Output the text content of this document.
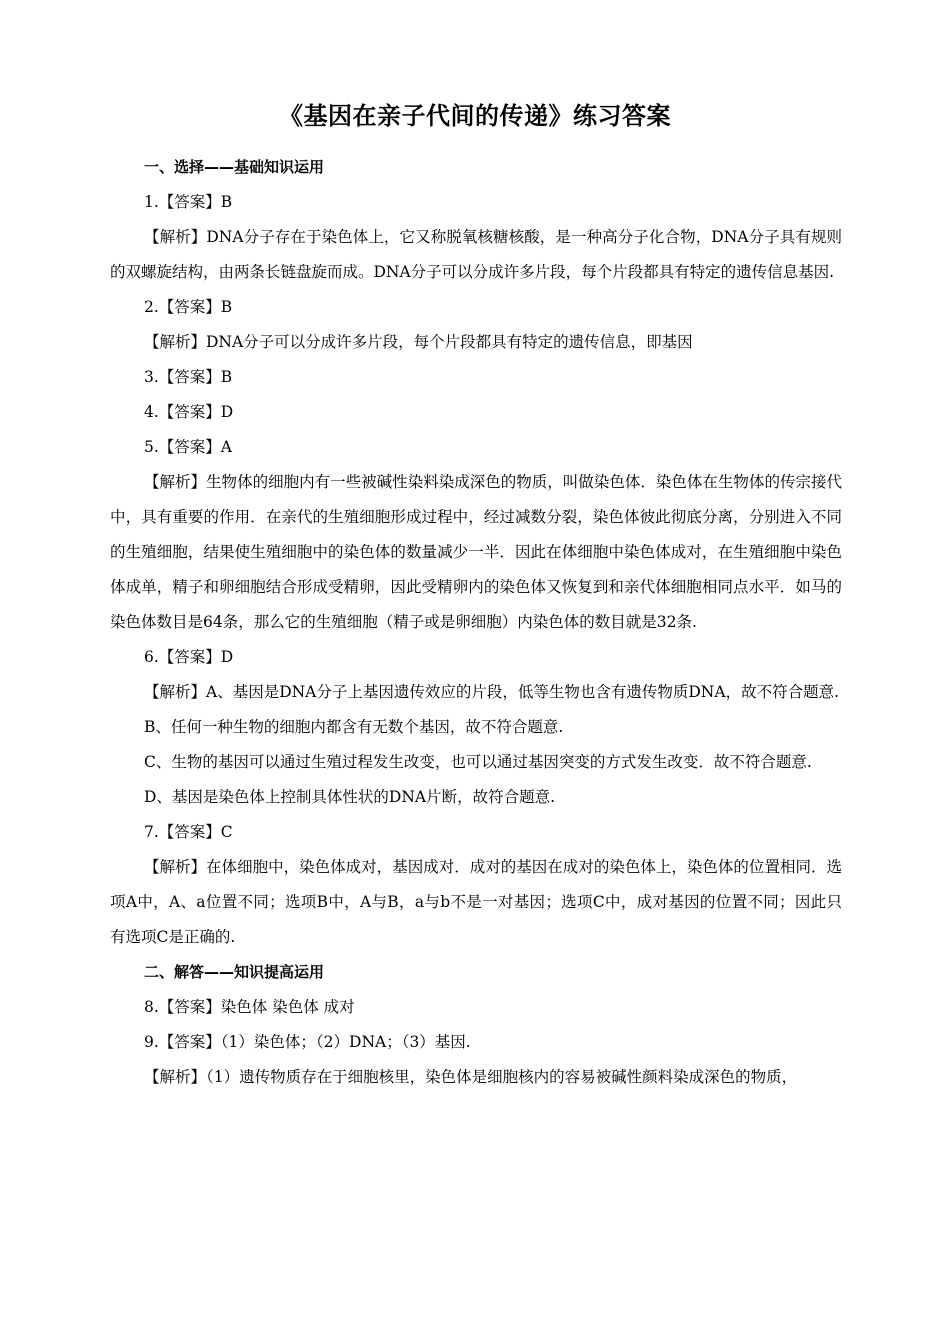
《基因在亲子代间的传递》练习答案

一、选择——基础知识运用

1.【答案】B

【解析】DNA分子存在于染色体上，它又称脱氧核糖核酸，是一种高分子化合物，DNA分子具有规则的双螺旋结构，由两条长链盘旋而成。DNA分子可以分成许多片段，每个片段都具有特定的遗传信息基因.

2.【答案】B

【解析】DNA分子可以分成许多片段，每个片段都具有特定的遗传信息，即基因

3.【答案】B

4.【答案】D

5.【答案】A

【解析】生物体的细胞内有一些被碱性染料染成深色的物质，叫做染色体．染色体在生物体的传宗接代中，具有重要的作用．在亲代的生殖细胞形成过程中，经过减数分裂，染色体彼此彻底分离，分别进入不同的生殖细胞，结果使生殖细胞中的染色体的数量减少一半．因此在体细胞中染色体成对，在生殖细胞中染色体成单，精子和卵细胞结合形成受精卵，因此受精卵内的染色体又恢复到和亲代体细胞相同点水平．如马的染色体数目是64条，那么它的生殖细胞（精子或是卵细胞）内染色体的数目就是32条.

6.【答案】D

【解析】A、基因是DNA分子上基因遗传效应的片段，低等生物也含有遗传物质DNA，故不符合题意.

B、任何一种生物的细胞内都含有无数个基因，故不符合题意.

C、生物的基因可以通过生殖过程发生改变，也可以通过基因突变的方式发生改变．故不符合题意.

D、基因是染色体上控制具体性状的DNA片断，故符合题意.

7.【答案】C

【解析】在体细胞中，染色体成对，基因成对．成对的基因在成对的染色体上，染色体的位置相同．选项A中，A、a位置不同；选项B中，A与B，a与b不是一对基因；选项C中，成对基因的位置不同；因此只有选项C是正确的.

二、解答——知识提高运用

8.【答案】染色体 染色体 成对

9.【答案】（1）染色体；（2）DNA；（3）基因.

【解析】（1）遗传物质存在于细胞核里，染色体是细胞核内的容易被碱性颜料染成深色的物质，
